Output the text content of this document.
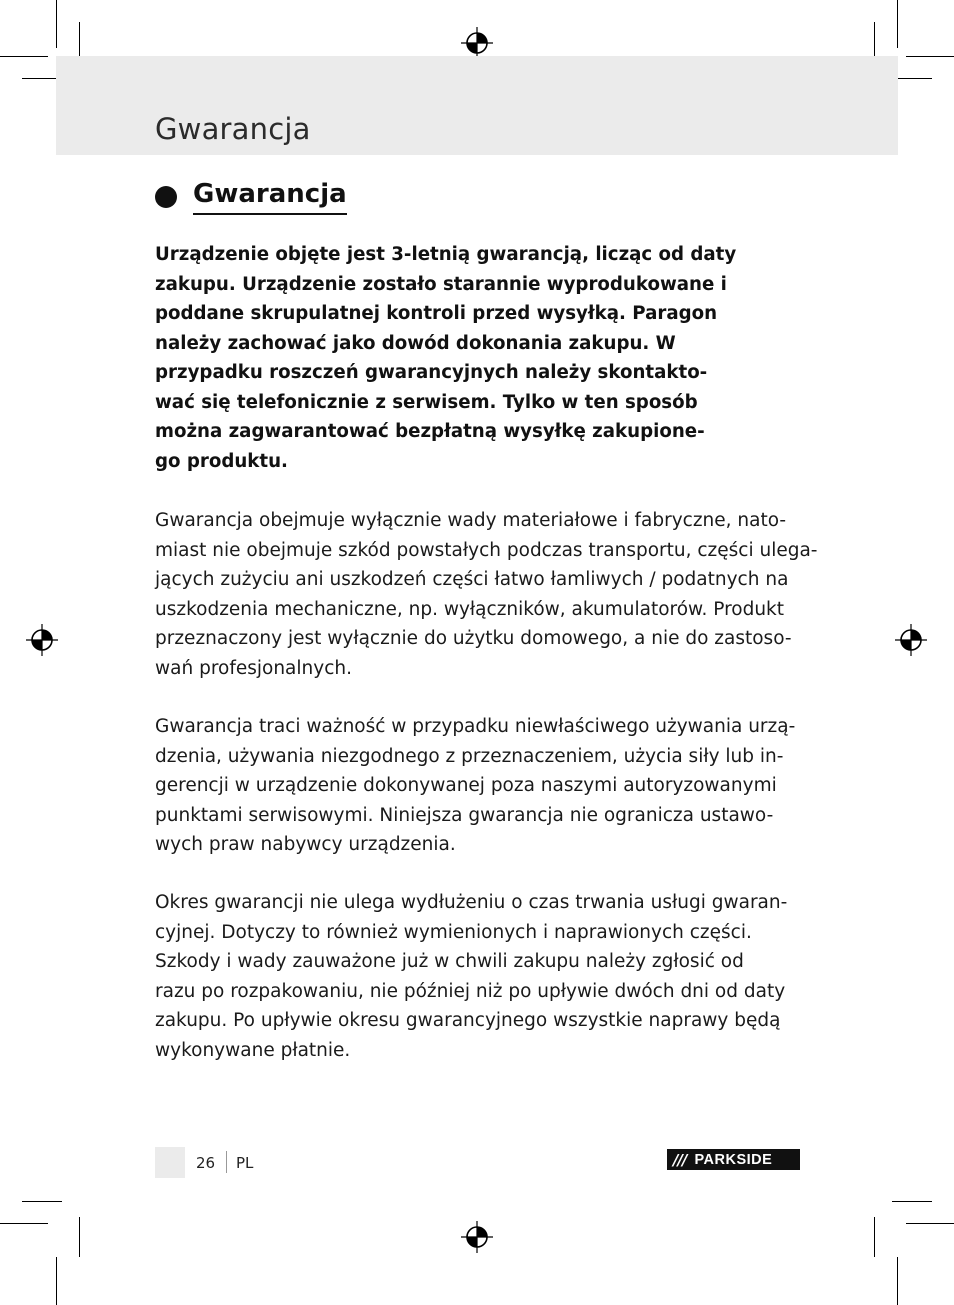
Gwarancja
Gwarancja

Urządzenie objęte jest 3-letnią gwarancją, licząc od daty
zakupu. Urządzenie zostało starannie wyprodukowane i
poddane skrupulatnej kontroli przed wysyłką. Paragon
należy zachować jako dowód dokonania zakupu. W
przypadku roszczeń gwarancyjnych należy skontakto-
wać się telefonicznie z serwisem. Tylko w ten sposób
można zagwarantować bezpłatną wysyłkę zakupione-
go produktu.

Gwarancja obejmuje wyłącznie wady materiałowe i fabryczne, nato-
miast nie obejmuje szkód powstałych podczas transportu, części ulega-
jących zużyciu ani uszkodzeń części łatwo łamliwych / podatnych na
uszkodzenia mechaniczne, np. wyłączników, akumulatorów. Produkt
przeznaczony jest wyłącznie do użytku domowego, a nie do zastoso-
wań profesjonalnych.

Gwarancja traci ważność w przypadku niewłaściwego używania urzą-
dzenia, używania niezgodnego z przeznaczeniem, użycia siły lub in-
gerencji w urządzenie dokonywanej poza naszymi autoryzowanymi
punktami serwisowymi. Niniejsza gwarancja nie ogranicza ustawo-
wych praw nabywcy urządzenia.

Okres gwarancji nie ulega wydłużeniu o czas trwania usługi gwaran-
cyjnej. Dotyczy to również wymienionych i naprawionych części.
Szkody i wady zauważone już w chwili zakupu należy zgłosić od
razu po rozpakowaniu, nie później niż po upływie dwóch dni od daty
zakupu. Po upływie okresu gwarancyjnego wszystkie naprawy będą
wykonywane płatnie.

26 PL	/// PARKSIDE
